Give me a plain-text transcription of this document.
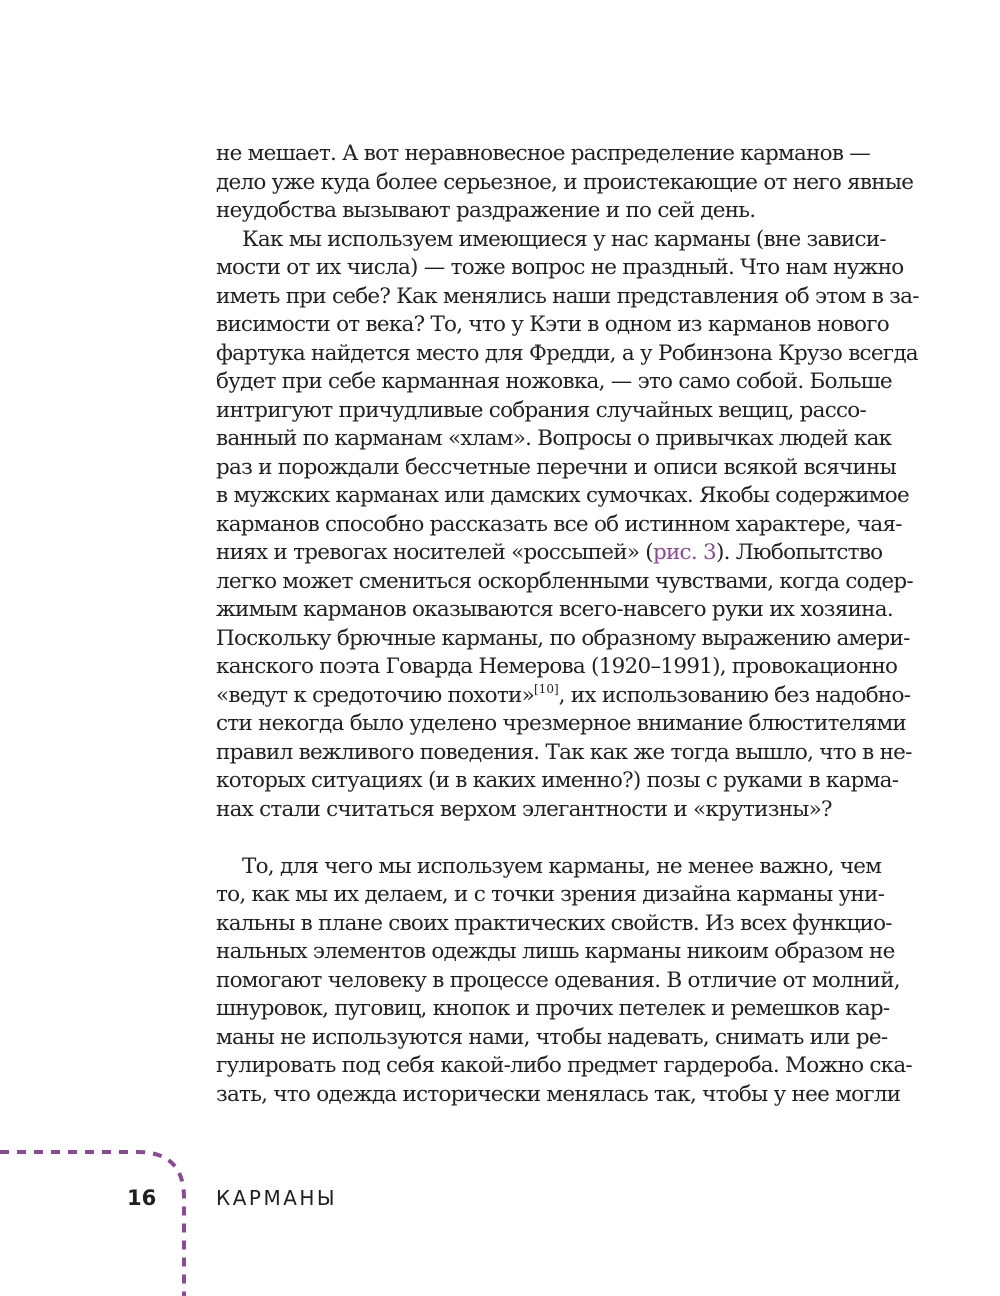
не мешает. А вот неравновесное распределение карманов —
дело уже куда более серьезное, и проистекающие от него явные
неудобства вызывают раздражение и по сей день.
Как мы используем имеющиеся у нас карманы (вне зависи-
мости от их числа) — тоже вопрос не праздный. Что нам нужно
иметь при себе? Как менялись наши представления об этом в за-
висимости от века? То, что у Кэти в одном из карманов нового
фартука найдется место для Фредди, а у Робинзона Крузо всегда
будет при себе карманная ножовка, — это само собой. Больше
интригуют причудливые собрания случайных вещиц, рассо-
ванный по карманам «хлам». Вопросы о привычках людей как
раз и порождали бессчетные перечни и описи всякой всячины
в мужских карманах или дамских сумочках. Якобы содержимое
карманов способно рассказать все об истинном характере, чая-
ниях и тревогах носителей «россыпей» (рис. 3). Любопытство
легко может смениться оскорбленными чувствами, когда содер-
жимым карманов оказываются всего-навсего руки их хозяина.
Поскольку брючные карманы, по образному выражению амери-
канского поэта Говарда Немерова (1920–1991), провокационно
«ведут к средоточию похоти»[10], их использованию без надобно-
сти некогда было уделено чрезмерное внимание блюстителями
правил вежливого поведения. Так как же тогда вышло, что в не-
которых ситуациях (и в каких именно?) позы с руками в карма-
нах стали считаться верхом элегантности и «крутизны»?
То, для чего мы используем карманы, не менее важно, чем
то, как мы их делаем, и с точки зрения дизайна карманы уни-
кальны в плане своих практических свойств. Из всех функцио-
нальных элементов одежды лишь карманы никоим образом не
помогают человеку в процессе одевания. В отличие от молний,
шнуровок, пуговиц, кнопок и прочих петелек и ремешков кар-
маны не используются нами, чтобы надевать, снимать или ре-
гулировать под себя какой-либо предмет гардероба. Можно ска-
зать, что одежда исторически менялась так, чтобы у нее могли
16	КАРМАНЫ
